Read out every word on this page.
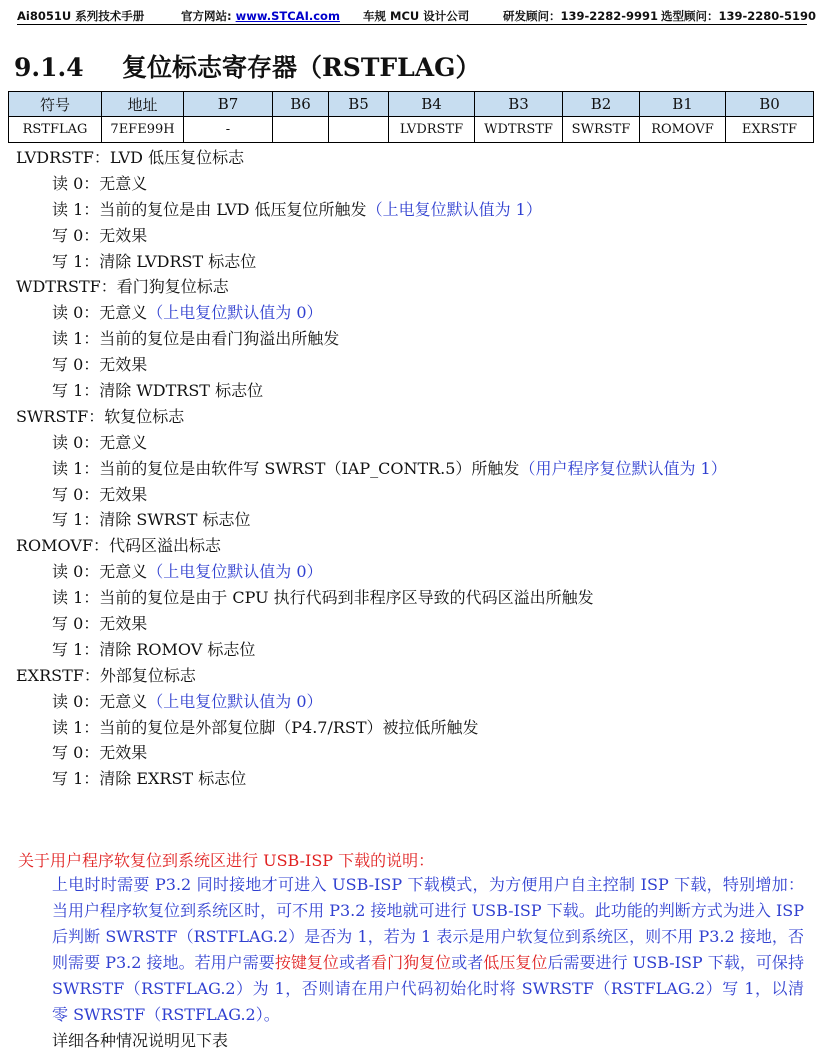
Ai8051U 系列技术手册	官方网站: www.STCAI.com 车规 MCU 设计公司	研发顾问：139-2282-9991 选型顾问：139-2280-5190
9.1.4 复位标志寄存器（RSTFLAG）
符号	地址	B7	B6	B5	B4	B3	B2	B1	B0
RSTFLAG	7EFE99H	-			LVDRSTF	WDTRSTF	SWRSTF	ROMOVF	EXRSTF
LVDRSTF：LVD 低压复位标志
读 0：无意义
读 1：当前的复位是由 LVD 低压复位所触发（上电复位默认值为 1）
写 0：无效果
写 1：清除 LVDRST 标志位
WDTRSTF：看门狗复位标志
读 0：无意义（上电复位默认值为 0）
读 1：当前的复位是由看门狗溢出所触发
写 0：无效果
写 1：清除 WDTRST 标志位
SWRSTF：软复位标志
读 0：无意义
读 1：当前的复位是由软件写 SWRST（IAP_CONTR.5）所触发（用户程序复位默认值为 1）
写 0：无效果
写 1：清除 SWRST 标志位
ROMOVF：代码区溢出标志
读 0：无意义（上电复位默认值为 0）
读 1：当前的复位是由于 CPU 执行代码到非程序区导致的代码区溢出所触发
写 0：无效果
写 1：清除 ROMOV 标志位
EXRSTF：外部复位标志
读 0：无意义（上电复位默认值为 0）
读 1：当前的复位是外部复位脚（P4.7/RST）被拉低所触发
写 0：无效果
写 1：清除 EXRST 标志位
关于用户程序软复位到系统区进行 USB-ISP 下载的说明：

上电时时需要 P3.2 同时接地才可进入 USB-ISP 下载模式，为方便用户自主控制 ISP 下载，特别增加：当用户程序软复位到系统区时，可不用 P3.2 接地就可进行 USB-ISP 下载。此功能的判断方式为进入 ISP 后判断 SWRSTF（RSTFLAG.2）是否为 1，若为 1 表示是用户软复位到系统区，则不用 P3.2 接地，否则需要 P3.2 接地。若用户需要按键复位或者看门狗复位或者低压复位后需要进行 USB-ISP 下载，可保持 SWRSTF（RSTFLAG.2）为 1，否则请在用户代码初始化时将 SWRSTF（RSTFLAG.2）写 1，以清零 SWRSTF（RSTFLAG.2）。

详细各种情况说明见下表
